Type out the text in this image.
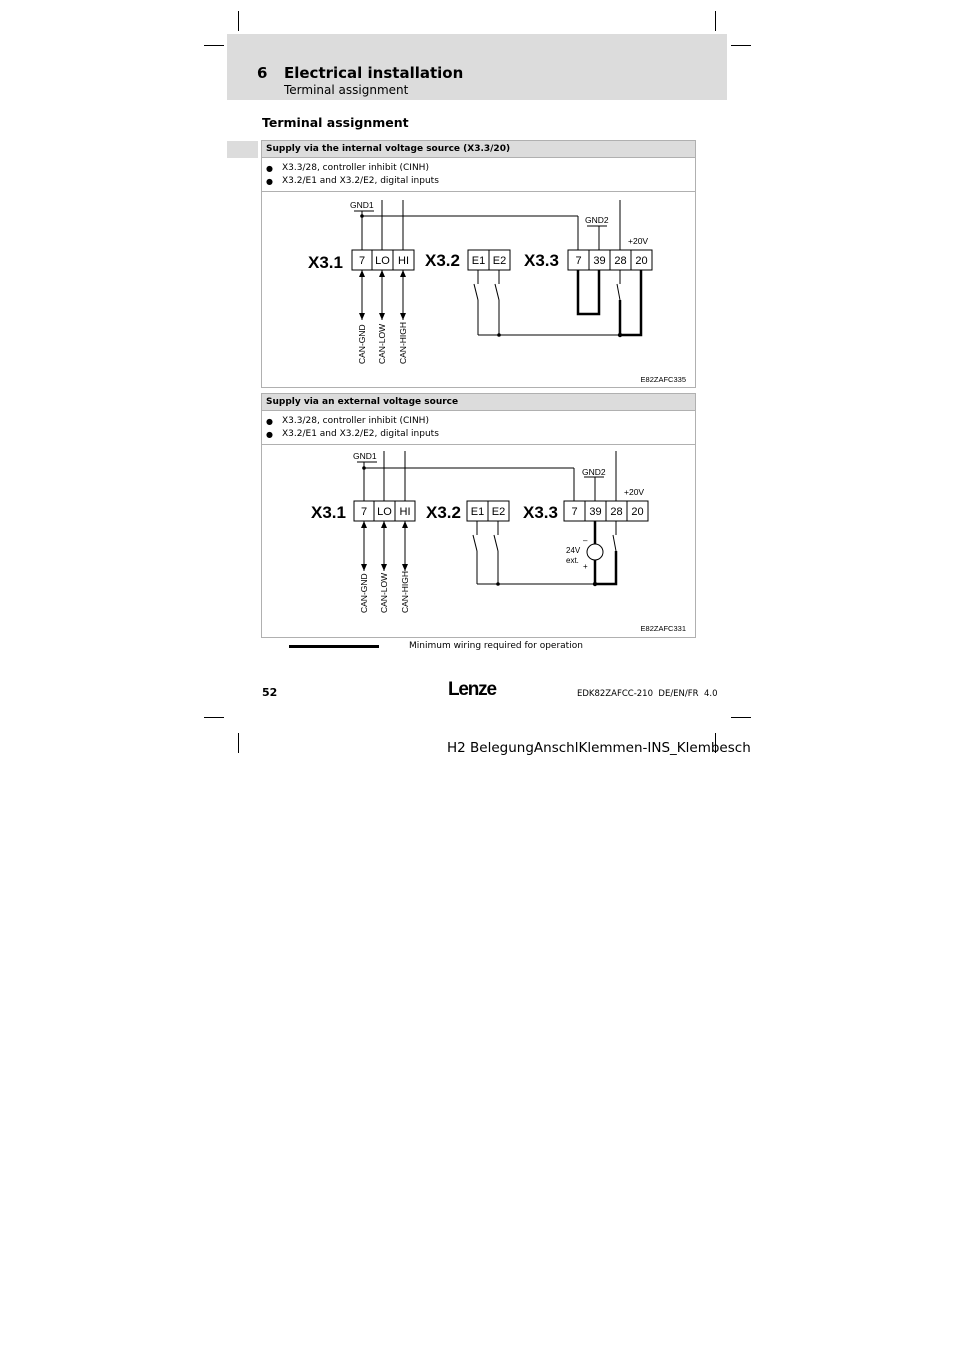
6 Electrical installation
Terminal assignment
Terminal assignment
Supply via the internal voltage source (X3.3/20)
●	X3.3/28, controller inhibit (CINH)
●	X3.2/E1 and X3.2/E2, digital inputs
GND1
GND2
+20V
X3.1	X3.2	X3.3
7 LO HI	E1 E2	7 39 28 20
CAN-GND CAN-LOW CAN-HIGH
E82ZAFC335
Supply via an external voltage source
●	X3.3/28, controller inhibit (CINH)
●	X3.2/E1 and X3.2/E2, digital inputs
GND1
GND2
+20V
X3.1	X3.2	X3.3
7 LO HI	E1 E2	7 39 28 20
–
24V
ext.
+
CAN-GND CAN-LOW CAN-HIGH
E82ZAFC331
Minimum wiring required for operation
52	Lenze	EDK82ZAFCC-210  DE/EN/FR  4.0
H2 BelegungAnschlKlemmen-INS_Klembesch
